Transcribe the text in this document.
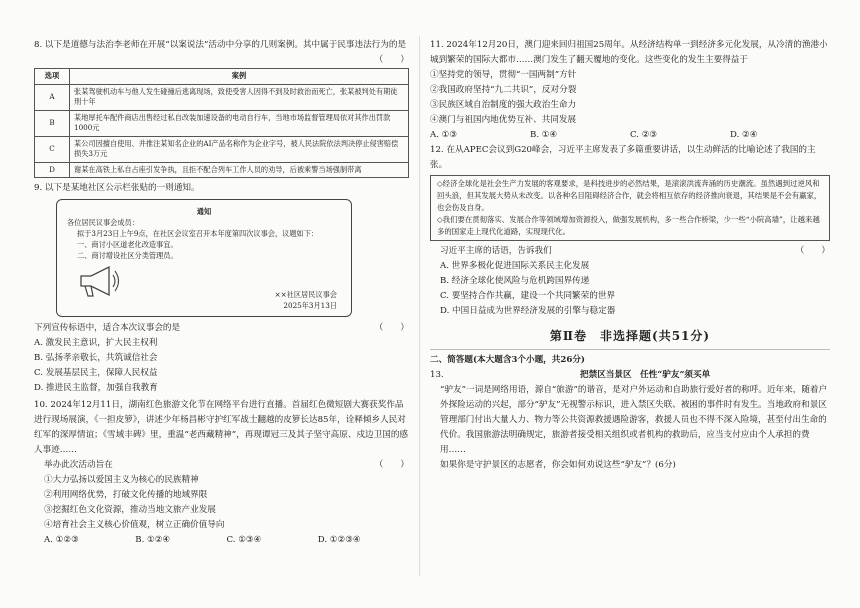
8. 以下是道德与法治李老师在开展“以案说法”活动中分享的几则案例。其中属于民事违法行为的是
（　　）

选项	案例
A	张某驾驶机动车与他人发生碰撞后逃离现场，致使受害人因得不到及时救治而死亡，张某被判处有期徒刑十年
B	某地厚托车配件商店出售经过私自改装加速设备的电动自行车，当地市场监督管理局依对其作出罚款1000元
C	某公司因擅自使用、并推注某知名企业的AI产品名称作为企业字号，被人民法院依法判决停止侵害赔偿损失3万元
D	谢某在高铁上私自占座引发争执，且拒不配合列车工作人员的劝导，后被乘警当场强制带离

9. 以下是某地社区公示栏张贴的一则通知。

通知
各位居民议事会成员：
拟于3月23日上午9点，在社区会议室召开本年度第四次议事会，议题如下：
一、商讨小区道老化改造事宜。
二、商讨增设社区分类管理员。
××社区居民议事会
2025年3月13日

下列宣传标语中，适合本次议事会的是	（　　）

A. 激发民主意识，扩大民主权利

B. 弘扬孝亲敬长，共筑诚信社会

C. 发展基层民主，保障人民权益

D. 推进民主监督，加强自我教育

10. 2024年12月11日，湖南红色旅游文化节在网络平台进行直播。首届红色微短剧大赛获奖作品进行现场展演，《一担皮箩》，讲述少年杨昌彬守护红军战士翻越的皮箩长达85年，诠释倾乡人民对红军的深厚情谊；《雪域丰碑》里，重温“老西藏精神”，再现谭冠三及其子坚守高原、戍边卫国的感人事迹……

举办此次活动旨在	（　　）

①大力弘扬以爱国主义为核心的民族精神

②利用网络优势，打破文化传播的地域界限

③挖掘红色文化资源，推动当地文旅产业发展

④培育社会主义核心价值观，树立正确价值导向

A. ①②③	B. ①②④	C. ①③④	D. ①②③④

11. 2024年12月20日，澳门迎来回归祖国25周年。从经济结构单一到经济多元化发展，从冷清的渔港小城到繁荣的国际大都市……澳门发生了翻天覆地的变化。这些变化的发生主要得益于

①坚持党的领导，贯彻“一国两制”方针

②我国政府坚持“九二共识”，反对分裂

③民族区域自治制度的强大政治生命力

④澳门与祖国内地优势互补、共同发展

A. ①③	B. ①④	C. ②③	D. ②④

12. 在从APEC会议到G20峰会，习近平主席发表了多篇重要讲话，以生动鲜活的比喻论述了我国的主张。

◇经济全球化是社会生产力发展的客观要求，是科技进步的必然结果，是滚滚洪流奔涌的历史潮流。虽然遇到过逆风和回头浪，但其发展大势从未改变。以各种名目阻碍经济合作，就会将相互依存的经济推向衰退，其结果是不会有赢家，也会伤及自身。
◇我们要在贯彻落实、发展合作等领域增加资源投入，做强发展机构，多一些合作桥梁，少一些“小院高墙”，让越来越多的国家走上现代化道路，实现现代化。

习近平主席的话语，告诉我们	（　　）

A. 世界多极化促进国际关系民主化发展

B. 经济全球化使风险与危机跨国界传递

C. 要坚持合作共赢，建设一个共同繁荣的世界

D. 中国日益成为世界经济发展的引擎与稳定器

第Ⅱ卷　非选择题(共51分)

二、简答题(本大题含3个小题，共26分)

13.	把禁区当景区　任性“驴友”须买单

“驴友”一词是网络用语，源自“旅游”的谐音，是对户外运动和自助旅行爱好者的称呼。近年来，随着户外探险运动的兴起，部分“驴友”无视警示标识，进入禁区失联、被困的事件时有发生。当地政府和景区管理部门付出大量人力、物力等公共资源救援遇险游客，救援人员也不得不深入险境，甚至付出生命的代价。我国旅游法明确规定，旅游者接受相关组织或者机构的救助后，应当支付应由个人承担的费用……

如果你是守护景区的志愿者，你会如何劝说这些“驴友”？(6分)
